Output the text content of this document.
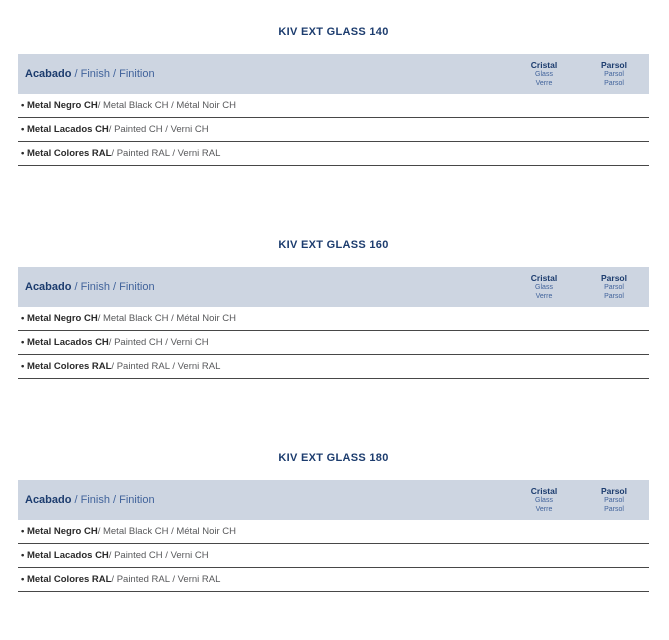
KIV EXT GLASS 140
Acabado / Finish / Finition
Cristal
Glass
Verre
Parsol
Parsol
Parsol
• Metal Negro CH / Metal Black CH / Métal Noir CH
• Metal Lacados CH / Painted CH / Verni CH
• Metal Colores RAL / Painted RAL / Verni RAL
KIV EXT GLASS 160
Acabado / Finish / Finition
Cristal
Glass
Verre
Parsol
Parsol
Parsol
• Metal Negro CH / Metal Black CH / Métal Noir CH
• Metal Lacados CH / Painted CH / Verni CH
• Metal Colores RAL / Painted RAL / Verni RAL
KIV EXT GLASS 180
Acabado / Finish / Finition
Cristal
Glass
Verre
Parsol
Parsol
Parsol
• Metal Negro CH / Metal Black CH / Métal Noir CH
• Metal Lacados CH / Painted CH / Verni CH
• Metal Colores RAL / Painted RAL / Verni RAL
